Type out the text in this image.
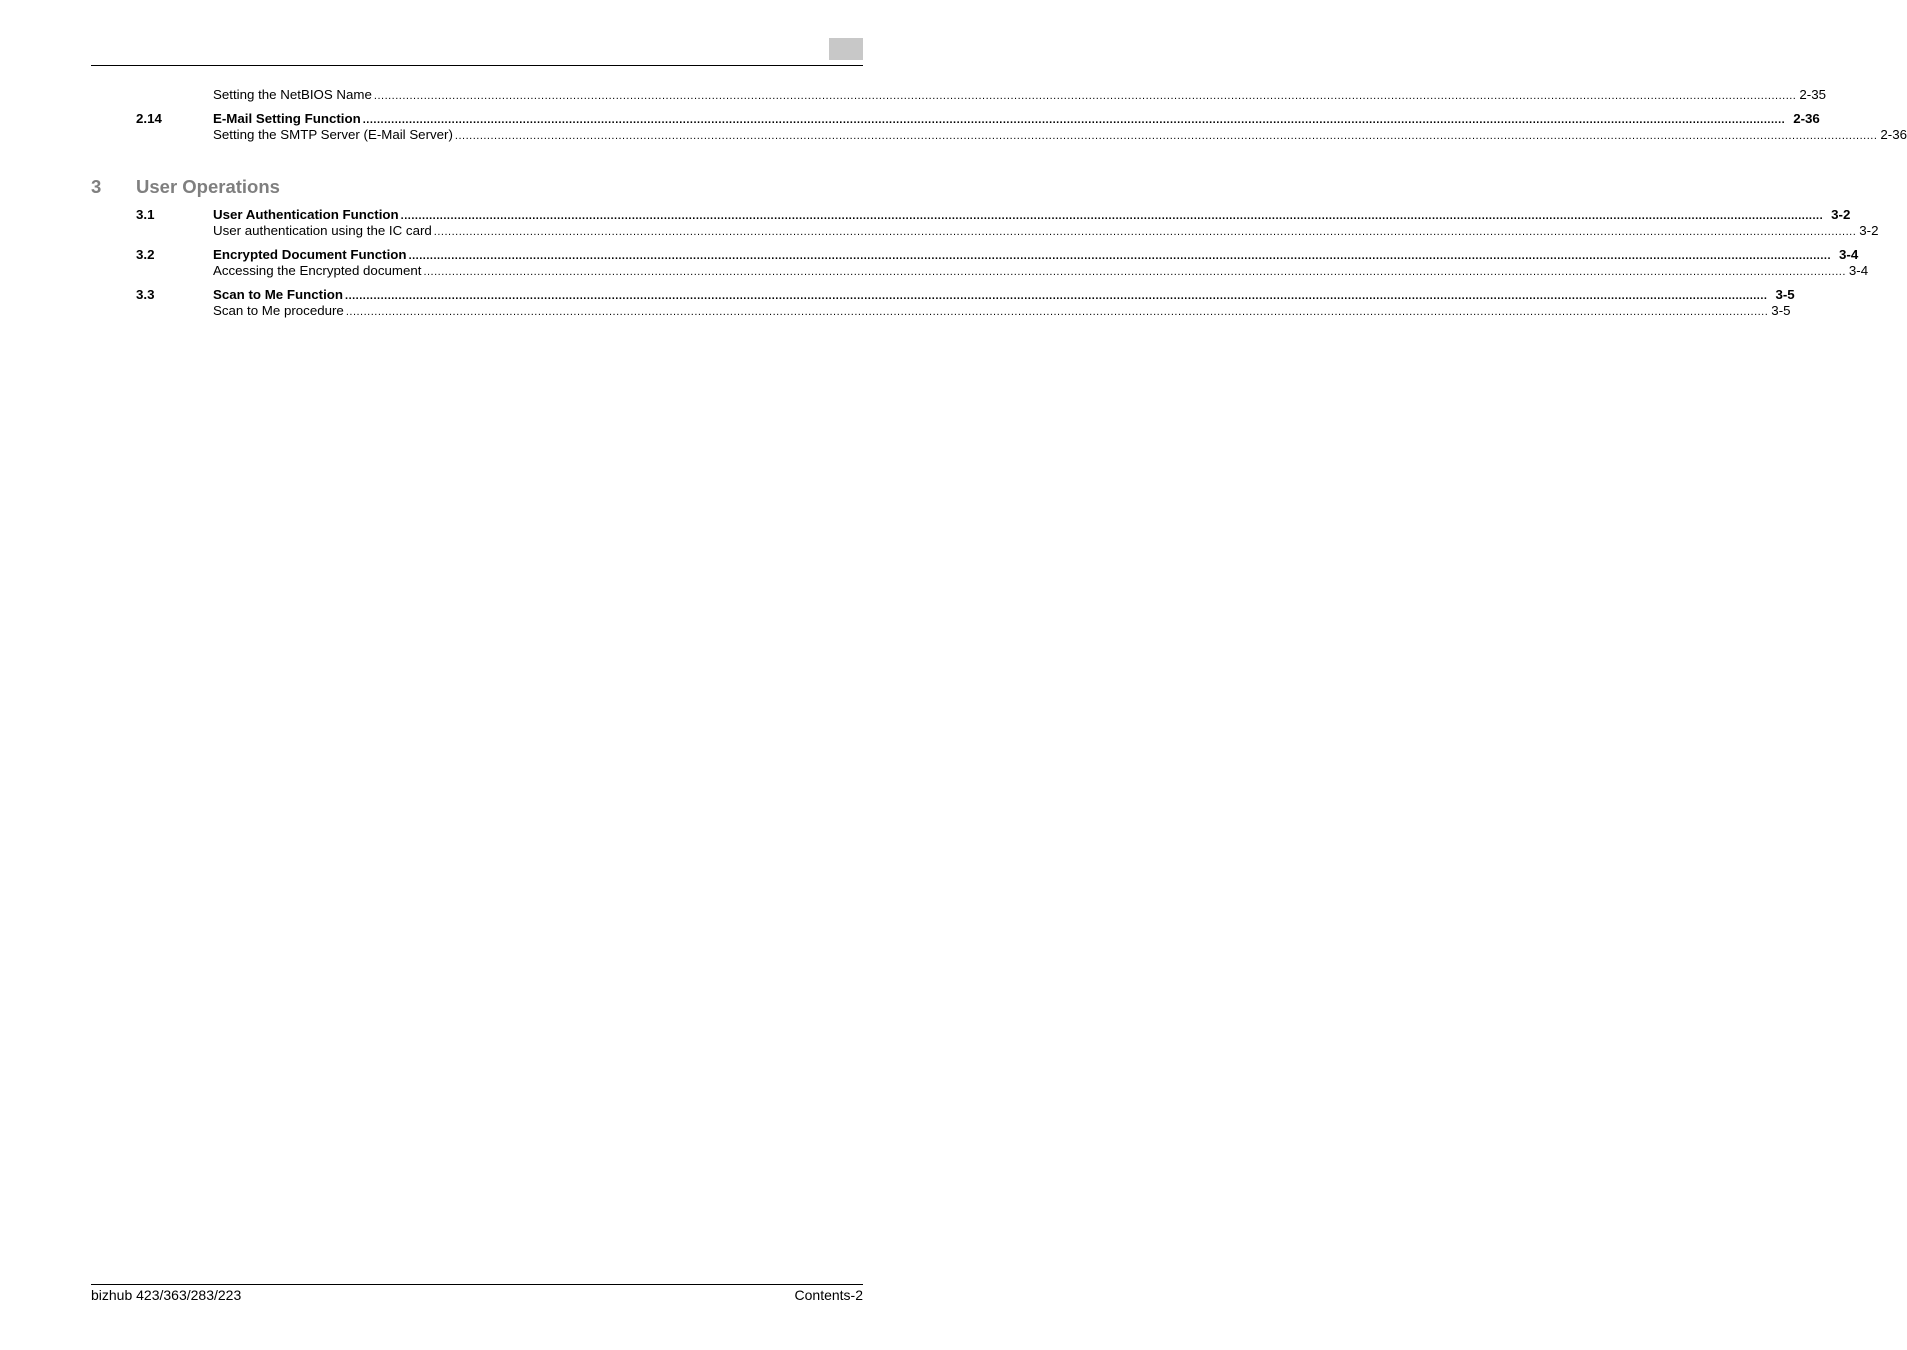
Setting the NetBIOS Name ................................................................................................................................................................................................................................................................................................................................................................................................................ 2-35
2.14	E-Mail Setting Function ................................................................................................................................................................................................................................................................................................................................................................................................................ 2-36
Setting the SMTP Server (E-Mail Server) ................................................................................................................................................................................................................................................................................................................................................................................................................ 2-36
3 User Operations
3.1	User Authentication Function ................................................................................................................................................................................................................................................................................................................................................................................................................ 3-2
User authentication using the IC card ................................................................................................................................................................................................................................................................................................................................................................................................................ 3-2
3.2	Encrypted Document Function ................................................................................................................................................................................................................................................................................................................................................................................................................ 3-4
Accessing the Encrypted document ................................................................................................................................................................................................................................................................................................................................................................................................................ 3-4
3.3	Scan to Me Function ................................................................................................................................................................................................................................................................................................................................................................................................................ 3-5
Scan to Me procedure ................................................................................................................................................................................................................................................................................................................................................................................................................ 3-5
bizhub 423/363/283/223	Contents-2
